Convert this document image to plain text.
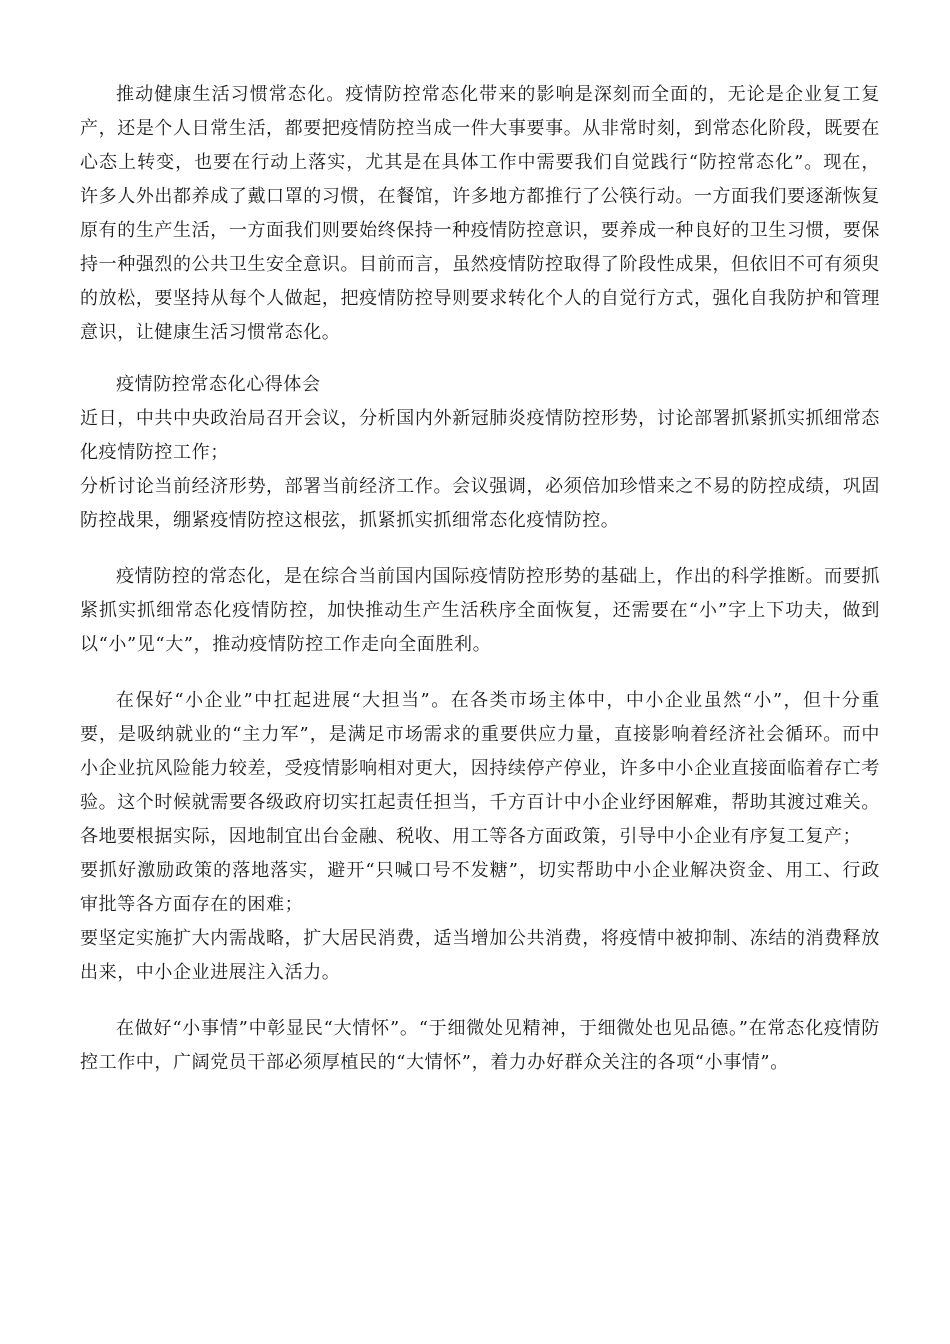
推动健康生活习惯常态化。疫情防控常态化带来的影响是深刻而全面的，无论是企业复工复产，还是个人日常生活，都要把疫情防控当成一件大事要事。从非常时刻，到常态化阶段，既要在心态上转变，也要在行动上落实，尤其是在具体工作中需要我们自觉践行“防控常态化”。现在，许多人外出都养成了戴口罩的习惯，在餐馆，许多地方都推行了公筷行动。一方面我们要逐渐恢复原有的生产生活，一方面我们则要始终保持一种疫情防控意识，要养成一种良好的卫生习惯，要保持一种强烈的公共卫生安全意识。目前而言，虽然疫情防控取得了阶段性成果，但依旧不可有须臾的放松，要坚持从每个人做起，把疫情防控导则要求转化个人的自觉行方式，强化自我防护和管理意识，让健康生活习惯常态化。

疫情防控常态化心得体会

近日，中共中央政治局召开会议，分析国内外新冠肺炎疫情防控形势，讨论部署抓紧抓实抓细常态化疫情防控工作；

分析讨论当前经济形势，部署当前经济工作。会议强调，必须倍加珍惜来之不易的防控成绩，巩固防控战果，绷紧疫情防控这根弦，抓紧抓实抓细常态化疫情防控。

疫情防控的常态化，是在综合当前国内国际疫情防控形势的基础上，作出的科学推断。而要抓紧抓实抓细常态化疫情防控，加快推动生产生活秩序全面恢复，还需要在“小”字上下功夫，做到以“小”见“大”，推动疫情防控工作走向全面胜利。

在保好“小企业”中扛起进展“大担当”。在各类市场主体中，中小企业虽然“小”，但十分重要，是吸纳就业的“主力军”，是满足市场需求的重要供应力量，直接影响着经济社会循环。而中小企业抗风险能力较差，受疫情影响相对更大，因持续停产停业，许多中小企业直接面临着存亡考验。这个时候就需要各级政府切实扛起责任担当，千方百计中小企业纾困解难，帮助其渡过难关。各地要根据实际，因地制宜出台金融、税收、用工等各方面政策，引导中小企业有序复工复产；

要抓好激励政策的落地落实，避开“只喊口号不发糖”，切实帮助中小企业解决资金、用工、行政审批等各方面存在的困难；

要坚定实施扩大内需战略，扩大居民消费，适当增加公共消费，将疫情中被抑制、冻结的消费释放出来，中小企业进展注入活力。

在做好“小事情”中彰显民“大情怀”。“于细微处见精神，于细微处也见品德。”在常态化疫情防控工作中，广阔党员干部必须厚植民的“大情怀”，着力办好群众关注的各项“小事情”。
